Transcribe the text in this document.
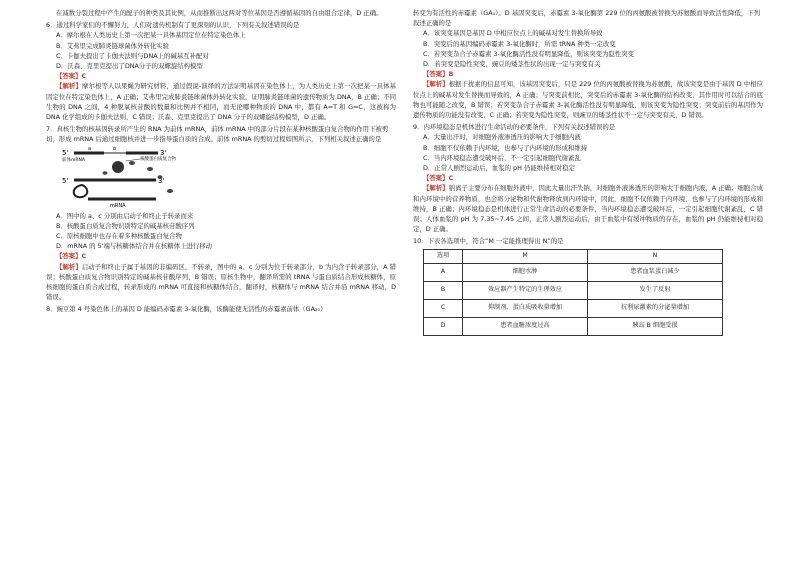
在减数分裂过程中产生的配子的种类及其比例，从而推断出这两对等位基因是否遵循基因的自由组合定律，D 正确。

6．通过科学家们的不懈努力，人们对遗传机制有了更深刻的认识，下列有关叙述错误的是

A．摩尔根在人类历史上第一次把某一具体基因定位在特定染色体上

B．艾弗里完成肺炎链球菌体外转化实验

C．卡伽夫提出了卡伽夫法则与DNA上的碱基互补配对

D．沃森、克里克提出了DNA分子的双螺旋结构模型

【答案】C

【解析】摩尔根等人以果蝇为研究材料，通过假说-演绎的方法证明基因在染色体上，为人类历史上第一次把某一具体基因定位在特定染色体上，A 正确；艾弗里完成肺炎链球菌体外转化实验，证明肺炎链球菌的遗传物质为 DNA，B 正确；不同生物的 DNA 之间，4 种脱氧核苷酸的数量和比例并不相同，而无论哪种物质的 DNA 中，都有 A=T 和 G=C，这被称为 DNA 化学组成的卡伽夫法则，C 错误；沃森、克里克提出了 DNA 分子的双螺旋结构模型，D 正确。

7．真核生物的核基因转录所产生的 RNA 为前体 mRNA，前体 mRNA 中的部分片段在某种核酸蛋白复合物的作用下被剪切，形成 mRNA 后通过细胞核并进一步指导蛋白质的合成。前体 mRNA 的剪切过程如图所示，下列相关叙述正确的是

5'	3'
a	b
前体mRNA	核酸蛋白质复合物
5'	3'
mRNA

A．图中的 a、c 分别由启动子和终止子转录而来

B．核酸蛋白质复合物识别特定的碱基核苷酸序列

C．原核细胞中也存在着多种核酸蛋白复合物

D．mRNA 的 5'端与核糖体结合并在核糖体上进行移动

【答案】C

【解析】启动子和终止子属于基因的非编码区，不转录，图中的 a、c 分别为位于转录部分，b 为内含子转录部分，A 错误；核酸蛋白质复合物识别特定的碱基核苷酸序列，B 错误；原核生物中，翻译所需的 tRNA 与蛋白质结合形成核糖体，原核细胞的蛋白质合成过程，转录形成的 mRNA 可直接和核糖体结合，翻译时，核糖体与 mRNA 结合并沿 mRNA 移动，D 错误。

8．豌豆第 4 号染色体上的基因 D 能编码赤霉素 3-氧化酶，该酶能使无活性的赤霉素前体（GA₂₀）

转变为有活性的赤霉素（GA₁）。D 基因突变后，赤霉素 3-氧化酶第 229 位的丙氨酸被替换为苏氨酸而导致活性降低，下列叙述正确的是

A．该突变基因是基因 D 中相应位点上的碱基对发生替换所导致

B．突变后的基因编码赤霉素 3-氧化酶时，所需 tRNA 种类一定改变

C．若突变杂合子赤霉素 3-氧化酶活性没有明显降低，则该突变为隐性突变

D．若突变是隐性突变，豌豆的矮茎性状的出现一定与突变有关

【答案】B

【解析】根据干扰素的信息可知，该基因突变后，只是 229 位的丙氨酸被替换为苏氨酸，故该突变是由于基因 D 中相应位点上的碱基对发生替换而导致的，A 正确；与突变前相比，突变后的赤霉素 3-氧化酶的结构改变，其作用时可以结合的底物也可能随之改变，B 错误；若突变杂合子赤霉素 3-氧化酶活性没有明显降低，则该突变为隐性突变；突变前后的基因作为遗传物质的功能没有改变，C 正确；若突变为隐性突变，则豌豆的矮茎性状不一定与突变有关，D 错误。

9．内环境稳态是机体进行生命活动的必要条件，下列有关叙述错误的是

A．大量出汗时，对细胞外液渗透压的影响大于细胞内液

B．细胞不仅依赖于内环境，也参与了内环境的形成和维持

C．当内环境稳态遭受破坏后，不一定引起细胞代谢紊乱

D．正常人剧烈运动后，血浆的 pH 仍能维持相对稳定

【答案】C

【解析】钠离子主要分布在细胞外液中，因此大量出汗失钠，对细胞外液渗透压的影响大于细胞内液，A 正确；细胞合成和内环境中的营养物质，也会将分泌物和代谢物释放到内环境中，因此，细胞不仅依赖于内环境，也参与了内环境的形成和维持，B 正确；内环境稳态是机体进行正常生命活动的必要条件，当内环境稳态遭受破坏后，一定引起细胞代谢紊乱，C 错误；人体血浆的 pH 为 7.35~7.45 之间，正常人剧烈运动后，由于血浆中有缓冲物质的存在，血浆的 pH 仍能维持相对稳定，D 正确。

10．下表各选项中，符合“M 一定能推理得出 N”的是

选项	M	N
A	细胞水肿	患者血浆蛋白减少
B	效应器产生特定的生理效应	发生了反射
C	抑制剂、蛋白质吸收量增加	抗利尿激素的分泌量增加
D	患者血糖浓度过高	胰岛 B 细胞受损
